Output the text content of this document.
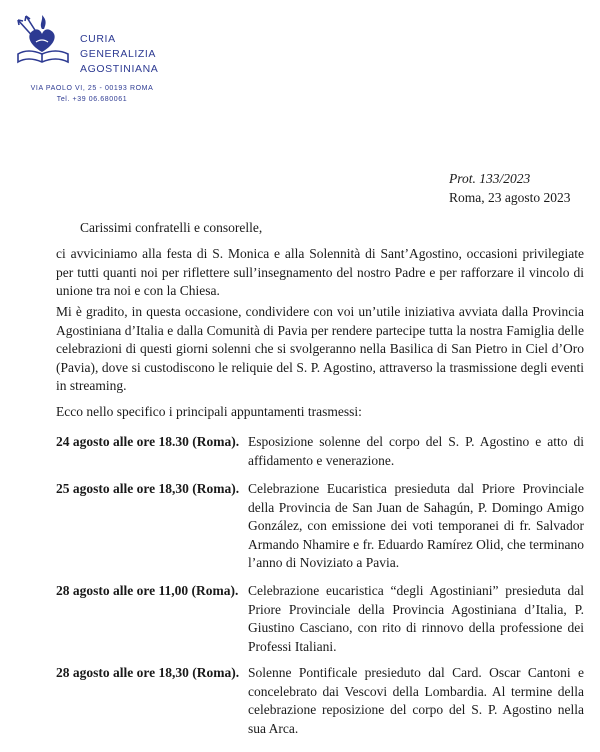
CURIA
GENERALIZIA
AGOSTINIANA
VIA PAOLO VI, 25 - 00193 ROMA
Tel. +39 06.680061
Prot. 133/2023
Roma, 23 agosto 2023
Carissimi confratelli e consorelle,
ci avviciniamo alla festa di S. Monica e alla Solennità di Sant’Agostino, occasioni privilegiate per tutti quanti noi per riflettere sull’insegnamento del nostro Padre e per rafforzare il vincolo di unione tra noi e con la Chiesa.
Mi è gradito, in questa occasione, condividere con voi un’utile iniziativa avviata dalla Provincia Agostiniana d’Italia e dalla Comunità di Pavia per rendere partecipe tutta la nostra Famiglia delle celebrazioni di questi giorni solenni che si svolgeranno nella Basilica di San Pietro in Ciel d’Oro (Pavia), dove si custodiscono le reliquie del S. P. Agostino, attraverso la trasmissione degli eventi in streaming.
Ecco nello specifico i principali appuntamenti trasmessi:
24 agosto alle ore 18.30 (Roma). Esposizione solenne del corpo del S. P. Agostino e atto di affidamento e venerazione.
25 agosto alle ore 18,30 (Roma). Celebrazione Eucaristica presieduta dal Priore Provinciale della Provincia de San Juan de Sahagún, P. Domingo Amigo González, con emissione dei voti temporanei di fr. Salvador Armando Nhamire e fr. Eduardo Ramírez Olid, che terminano l’anno di Noviziato a Pavia.
28 agosto alle ore 11,00 (Roma). Celebrazione eucaristica “degli Agostiniani” presieduta dal Priore Provinciale della Provincia Agostiniana d’Italia, P. Giustino Casciano, con rito di rinnovo della professione dei Professi Italiani.
28 agosto alle ore 18,30 (Roma). Solenne Pontificale presieduto dal Card. Oscar Cantoni e concelebrato dai Vescovi della Lombardia. Al termine della celebrazione reposizione del corpo del S. P. Agostino nella sua Arca.
